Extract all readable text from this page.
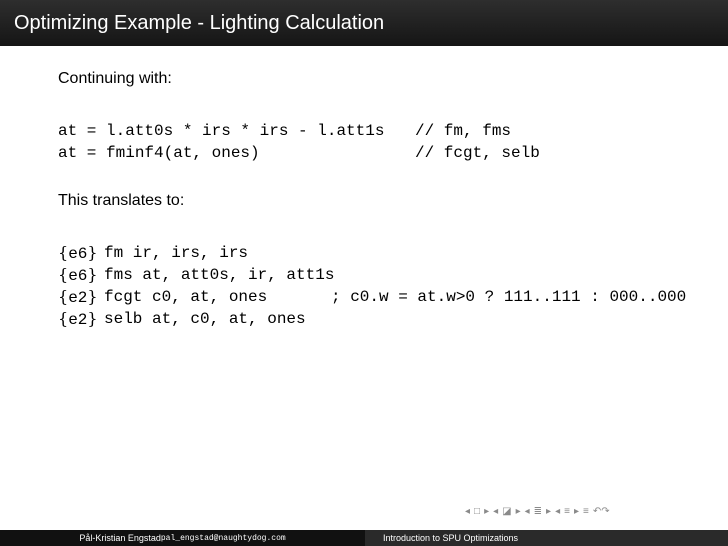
Optimizing Example - Lighting Calculation
Continuing with:
at = l.att0s * irs * irs - l.att1s // fm, fms
at = fminf4(at, ones)	// fcgt, selb
This translates to:
{e6} fm ir, irs, irs
{e6} fms at, att0s, ir, att1s
{e2} fcgt c0, at, ones	; c0.w = at.w>0 ? 111..111 : 000..000
{e2} selb at, c0, at, ones
◂ □ ▸ ◂ ◪ ▸ ◂ ≣ ▸ ◂ ≡ ▸ ≡ ↶↷
Pål-Kristian Engstad pal_engstad@naughtydog.com	Introduction to SPU Optimizations
